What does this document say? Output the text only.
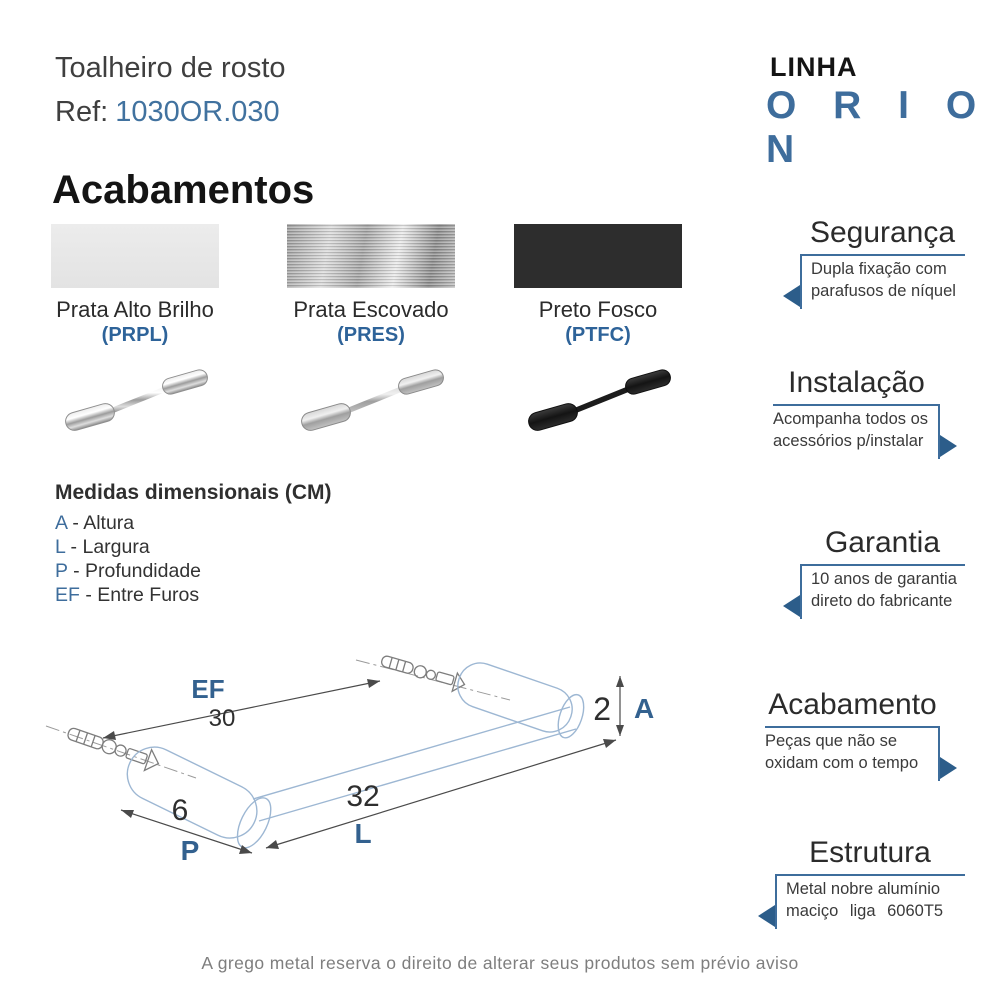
Toalheiro de rosto
Ref: 1030OR.030
LINHA
O R I O N
Acabamentos
Prata Alto Brilho
(PRPL)
Prata Escovado
(PRES)
Preto Fosco
(PTFC)
Medidas dimensionais (CM)
A - Altura
L - Largura
P - Profundidade
EF - Entre Furos
EF
30	2 A
32
L
6
P
Segurança
Dupla fixação com
parafusos de níquel
Instalação
Acompanha todos os
acessórios p/instalar
Garantia
10 anos de garantia
direto do fabricante
Acabamento
Peças que não se
oxidam com o tempo
Estrutura
Metal nobre alumínio
maciço liga 6060T5
A grego metal reserva o direito de alterar seus produtos sem prévio aviso
